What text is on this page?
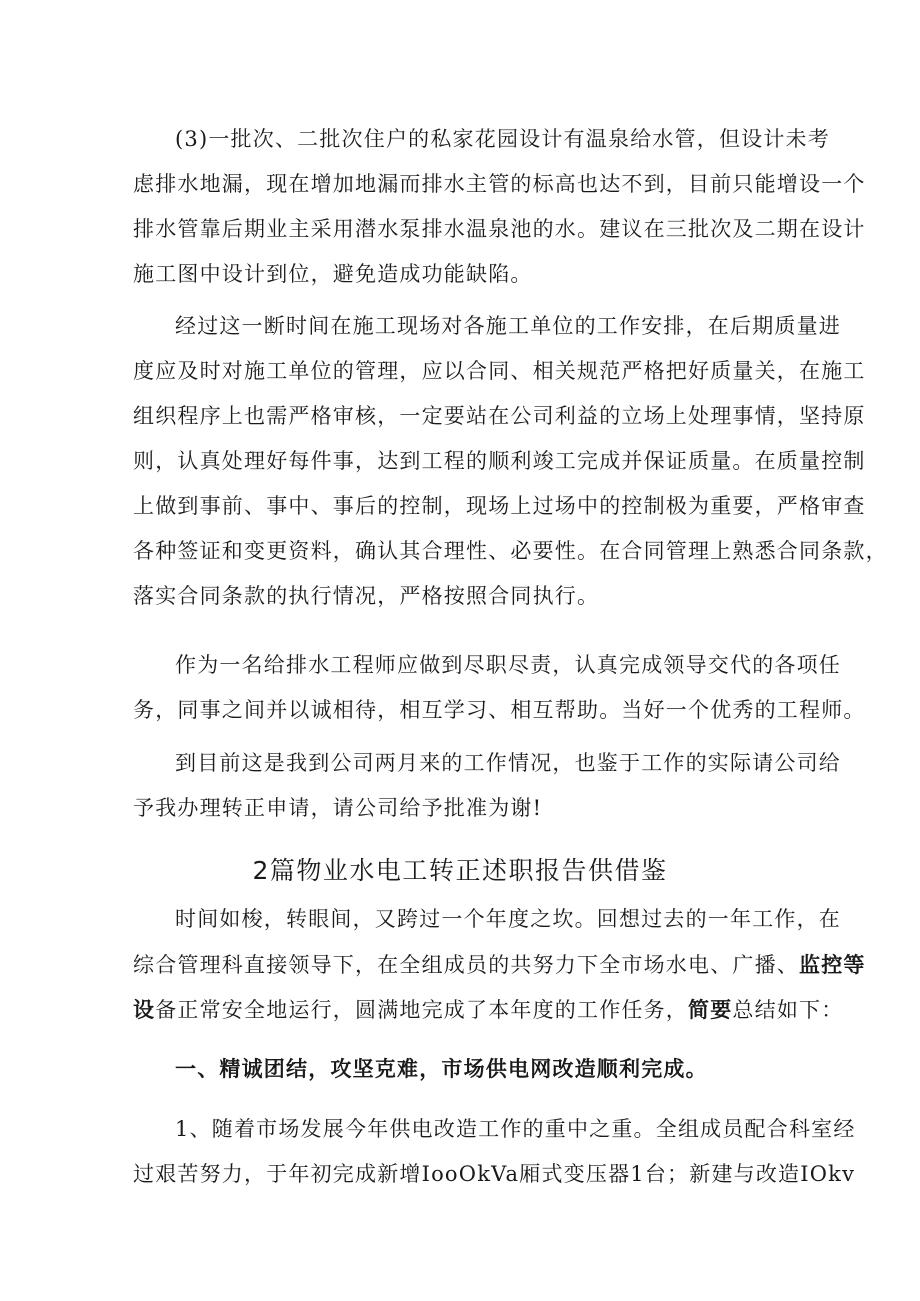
(3)一批次、二批次住户的私家花园设计有温泉给水管，但设计未考
虑排水地漏，现在增加地漏而排水主管的标高也达不到，目前只能增设一个
排水管靠后期业主采用潜水泵排水温泉池的水。建议在三批次及二期在设计
施工图中设计到位，避免造成功能缺陷。
经过这一断时间在施工现场对各施工单位的工作安排，在后期质量进
度应及时对施工单位的管理，应以合同、相关规范严格把好质量关，在施工
组织程序上也需严格审核，一定要站在公司利益的立场上处理事情，坚持原
则，认真处理好每件事，达到工程的顺利竣工完成并保证质量。在质量控制
上做到事前、事中、事后的控制，现场上过场中的控制极为重要，严格审查
各种签证和变更资料，确认其合理性、必要性。在合同管理上熟悉合同条款，
落实合同条款的执行情况，严格按照合同执行。
作为一名给排水工程师应做到尽职尽责，认真完成领导交代的各项任
务，同事之间并以诚相待，相互学习、相互帮助。当好一个优秀的工程师。
到目前这是我到公司两月来的工作情况，也鉴于工作的实际请公司给
予我办理转正申请，请公司给予批准为谢!
2篇物业水电工转正述职报告供借鉴
时间如梭，转眼间，又跨过一个年度之坎。回想过去的一年工作，在
综合管理科直接领导下，在全组成员的共努力下全市场水电、广播、监控等
设备正常安全地运行，圆满地完成了本年度的工作任务，简要总结如下：
一、精诚团结，攻坚克难，市场供电网改造顺利完成。
1、随着市场发展今年供电改造工作的重中之重。全组成员配合科室经
过艰苦努力，于年初完成新增IooOkVa厢式变压器1台；新建与改造IOkv
